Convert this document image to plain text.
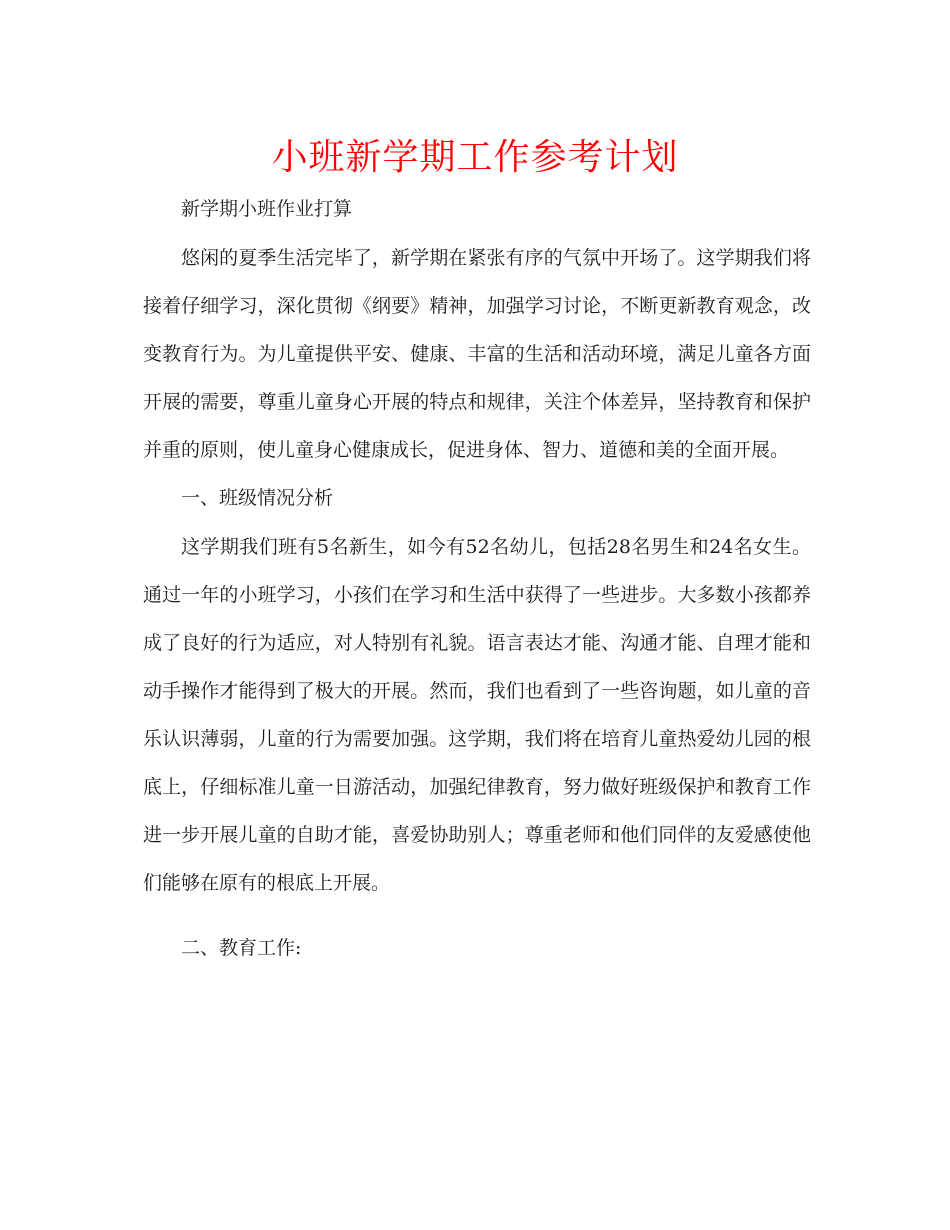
小班新学期工作参考计划

新学期小班作业打算

悠闲的夏季生活完毕了，新学期在紧张有序的气氛中开场了。这学期我们将接着仔细学习，深化贯彻《纲要》精神，加强学习讨论，不断更新教育观念，改变教育行为。为儿童提供平安、健康、丰富的生活和活动环境，满足儿童各方面开展的需要，尊重儿童身心开展的特点和规律，关注个体差异，坚持教育和保护并重的原则，使儿童身心健康成长，促进身体、智力、道德和美的全面开展。

一、班级情况分析

这学期我们班有5名新生，如今有52名幼儿，包括28名男生和24名女生。通过一年的小班学习，小孩们在学习和生活中获得了一些进步。大多数小孩都养成了良好的行为适应，对人特别有礼貌。语言表达才能、沟通才能、自理才能和动手操作才能得到了极大的开展。然而，我们也看到了一些咨询题，如儿童的音乐认识薄弱，儿童的行为需要加强。这学期，我们将在培育儿童热爱幼儿园的根底上，仔细标准儿童一日游活动，加强纪律教育，努力做好班级保护和教育工作进一步开展儿童的自助才能，喜爱协助别人；尊重老师和他们同伴的友爱感使他们能够在原有的根底上开展。

二、教育工作:
